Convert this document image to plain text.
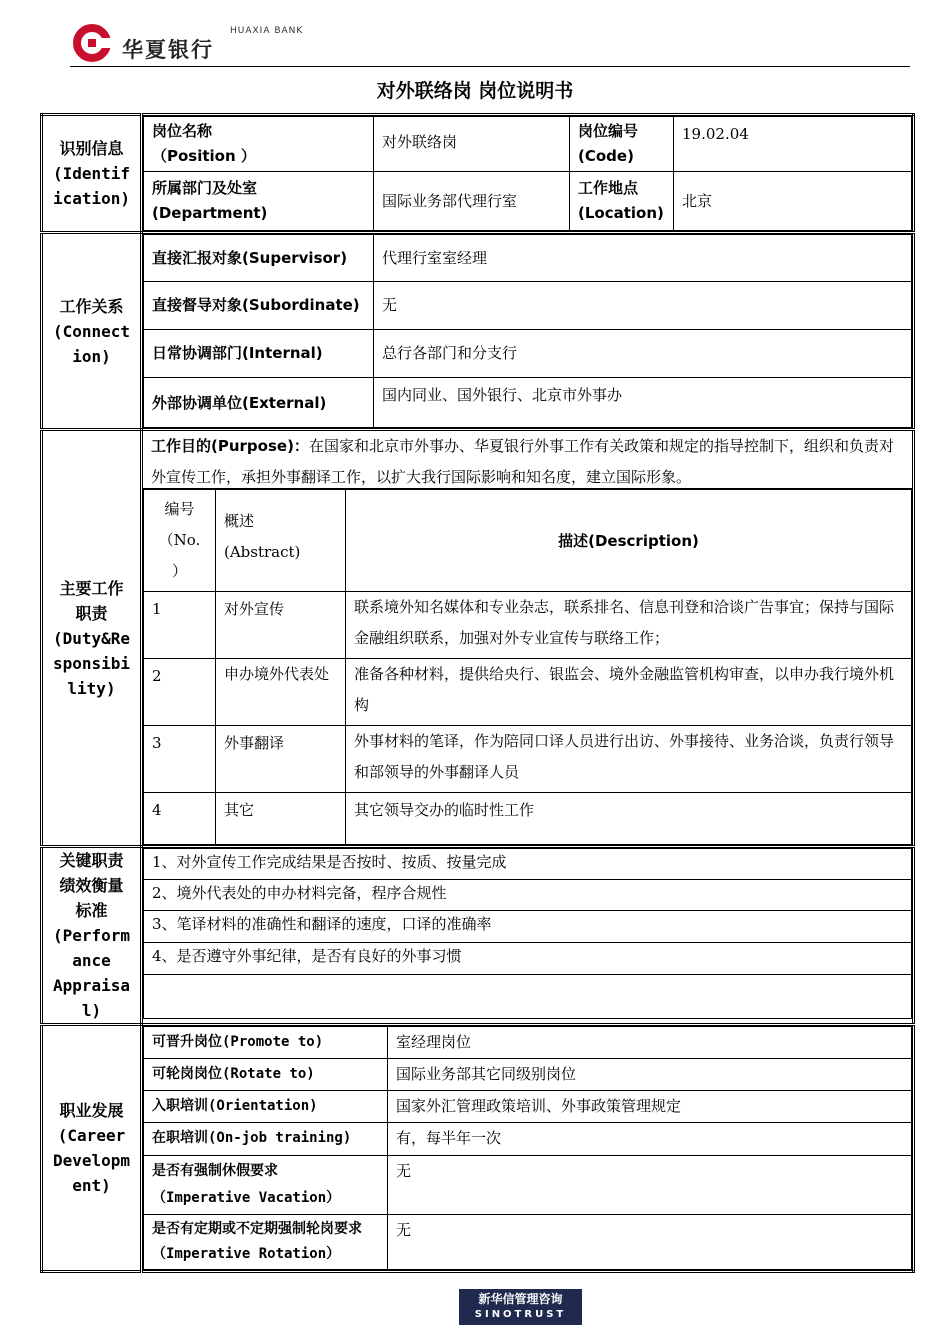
华夏银行
HUAXIA BANK
对外联络岗 岗位说明书
识别信息
(Identif
ication)	
岗位名称
（Position ）	对外联络岗	岗位编号
(Code)	19.02.04
所属部门及处室
(Department)	国际业务部代理行室	工作地点
(Location)	北京

工作关系
(Connect
ion)	
直接汇报对象(Supervisor)	代理行室室经理
直接督导对象(Subordinate)	无
日常协调部门(Internal)	总行各部门和分支行
外部协调单位(External)	国内同业、国外银行、北京市外事办

主要工作
职责
(Duty&Re
sponsibi
lity)	
工作目的(Purpose)：在国家和北京市外事办、华夏银行外事工作有关政策和规定的指导控制下，组织和负责对外宣传工作，承担外事翻译工作，以扩大我行国际影响和知名度，建立国际形象。
编号
（No.
）	概述
(Abstract)	描述(Description)
1	对外宣传	联系境外知名媒体和专业杂志，联系排名、信息刊登和洽谈广告事宜；保持与国际金融组织联系，加强对外专业宣传与联络工作；
2	申办境外代表处	准备各种材料，提供给央行、银监会、境外金融监管机构审查，以申办我行境外机构
3	外事翻译	外事材料的笔译，作为陪同口译人员进行出访、外事接待、业务洽谈，负责行领导和部领导的外事翻译人员
4	其它	其它领导交办的临时性工作

关键职责
绩效衡量
标准
(Perform
ance
Appraisa
l)	
1、对外宣传工作完成结果是否按时、按质、按量完成
2、境外代表处的申办材料完备，程序合规性
3、笔译材料的准确性和翻译的速度，口译的准确率
4、是否遵守外事纪律，是否有良好的外事习惯

职业发展
(Career
Developm
ent)	
可晋升岗位(Promote to)	室经理岗位
可轮岗岗位(Rotate to)	国际业务部其它同级别岗位
入职培训(Orientation)	国家外汇管理政策培训、外事政策管理规定
在职培训(On-job training)	有，每半年一次
是否有强制休假要求
（Imperative Vacation）	无
是否有定期或不定期强制轮岗要求（Imperative Rotation）	无
新华信管理咨询
SINOTRUST
